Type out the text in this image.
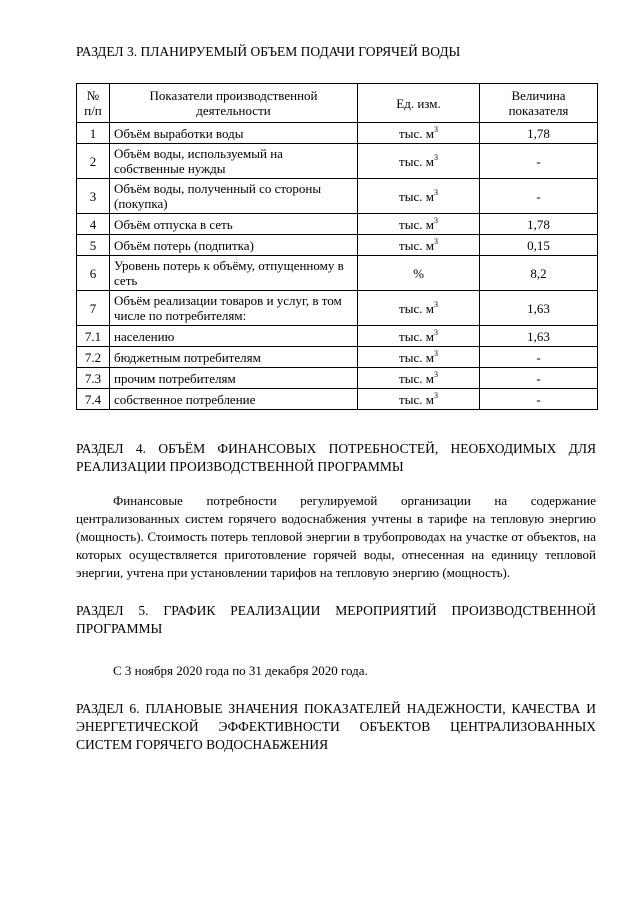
РАЗДЕЛ 3. ПЛАНИРУЕМЫЙ ОБЪЕМ ПОДАЧИ ГОРЯЧЕЙ ВОДЫ

№ п/п	Показатели производственной деятельности	Ед. изм.	Величина показателя
1	Объём выработки воды	тыс. $м^3$	1,78
2	Объём воды, используемый на собственные нужды	тыс. $м^3$	-
3	Объём воды, полученный со стороны (покупка)	тыс. $м^3$	-
4	Объём отпуска в сеть	тыс. $м^3$	1,78
5	Объём потерь (подпитка)	тыс. $м^3$	0,15
6	Уровень потерь к объёму, отпущенному в сеть	%	8,2
7	Объём реализации товаров и услуг, в том числе по потребителям:	тыс. $м^3$	1,63
7.1	населению	тыс. $м^3$	1,63
7.2	бюджетным потребителям	тыс. $м^3$	-
7.3	прочим потребителям	тыс. $м^3$	-
7.4	собственное потребление	тыс. $м^3$	-

РАЗДЕЛ 4. ОБЪЁМ ФИНАНСОВЫХ ПОТРЕБНОСТЕЙ, НЕОБХОДИМЫХ ДЛЯ РЕАЛИЗАЦИИ ПРОИЗВОДСТВЕННОЙ ПРОГРАММЫ

Финансовые потребности регулируемой организации на содержание централизованных систем горячего водоснабжения учтены в тарифе на тепловую энергию (мощность). Стоимость потерь тепловой энергии в трубопроводах на участке от объектов, на которых осуществляется приготовление горячей воды, отнесенная на единицу тепловой энергии, учтена при установлении тарифов на тепловую энергию (мощность).

РАЗДЕЛ 5. ГРАФИК РЕАЛИЗАЦИИ МЕРОПРИЯТИЙ ПРОИЗВОДСТВЕННОЙ ПРОГРАММЫ

С 3 ноября 2020 года по 31 декабря 2020 года.

РАЗДЕЛ 6. ПЛАНОВЫЕ ЗНАЧЕНИЯ ПОКАЗАТЕЛЕЙ НАДЕЖНОСТИ, КАЧЕСТВА И ЭНЕРГЕТИЧЕСКОЙ ЭФФЕКТИВНОСТИ ОБЪЕКТОВ ЦЕНТРАЛИЗОВАННЫХ СИСТЕМ ГОРЯЧЕГО ВОДОСНАБЖЕНИЯ
